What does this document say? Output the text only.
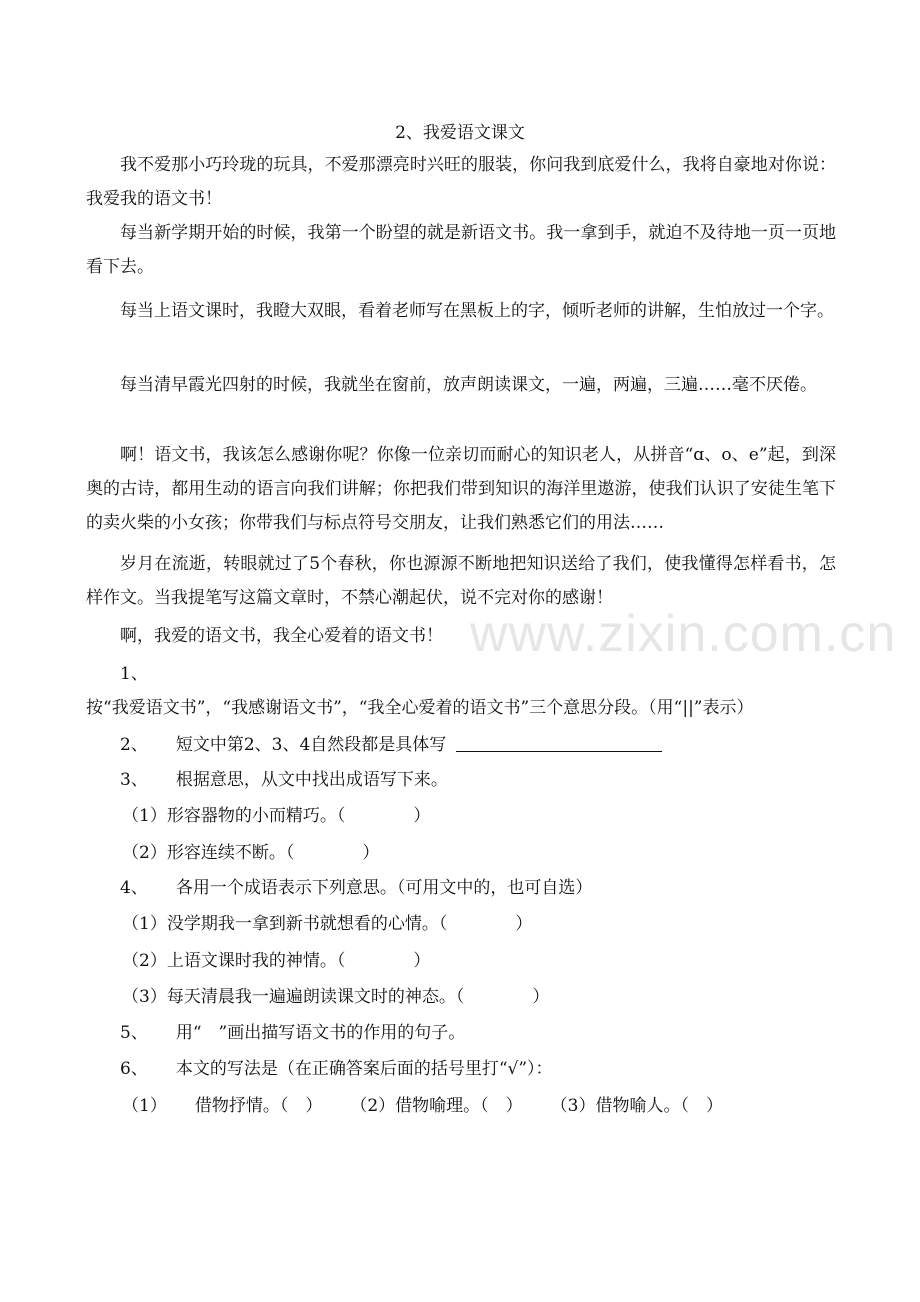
2、我爱语文课文

我不爱那小巧玲珑的玩具，不爱那漂亮时兴旺的服装，你问我到底爱什么，我将自豪地对你说：我爱我的语文书！

每当新学期开始的时候，我第一个盼望的就是新语文书。我一拿到手，就迫不及待地一页一页地看下去。

每当上语文课时，我瞪大双眼，看着老师写在黑板上的字，倾听老师的讲解，生怕放过一个字。

每当清早霞光四射的时候，我就坐在窗前，放声朗读课文，一遍，两遍，三遍……毫不厌倦。

啊！语文书，我该怎么感谢你呢？你像一位亲切而耐心的知识老人，从拼音“ɑ、o、e”起，到深奥的古诗，都用生动的语言向我们讲解；你把我们带到知识的海洋里遨游，使我们认识了安徒生笔下的卖火柴的小女孩；你带我们与标点符号交朋友，让我们熟悉它们的用法……

岁月在流逝，转眼就过了5个春秋，你也源源不断地把知识送给了我们，使我懂得怎样看书，怎样作文。当我提笔写这篇文章时，不禁心潮起伏，说不完对你的感谢！

啊，我爱的语文书，我全心爱着的语文书！ www.zixin.com.cn

1、按“我爱语文书”，“我感谢语文书”，“我全心爱着的语文书”三个意思分段。（用“||”表示）

2、 短文中第2、3、4自然段都是具体写
3、 根据意思，从文中找出成语写下来。
（1）形容器物的小而精巧。（　　　　）
（2）形容连续不断。（　　　　）
4、 各用一个成语表示下列意思。（可用文中的，也可自选）
（1）没学期我一拿到新书就想看的心情。（　　　　）
（2）上语文课时我的神情。（　　　　）
（3）每天清晨我一遍遍朗读课文时的神态。（　　　　）
5、 用“　”画出描写语文书的作用的句子。
6、 本文的写法是（在正确答案后面的括号里打“√”）：
（1） 借物抒情。（　） （2）借物喻理。（　） （3）借物喻人。（　）
